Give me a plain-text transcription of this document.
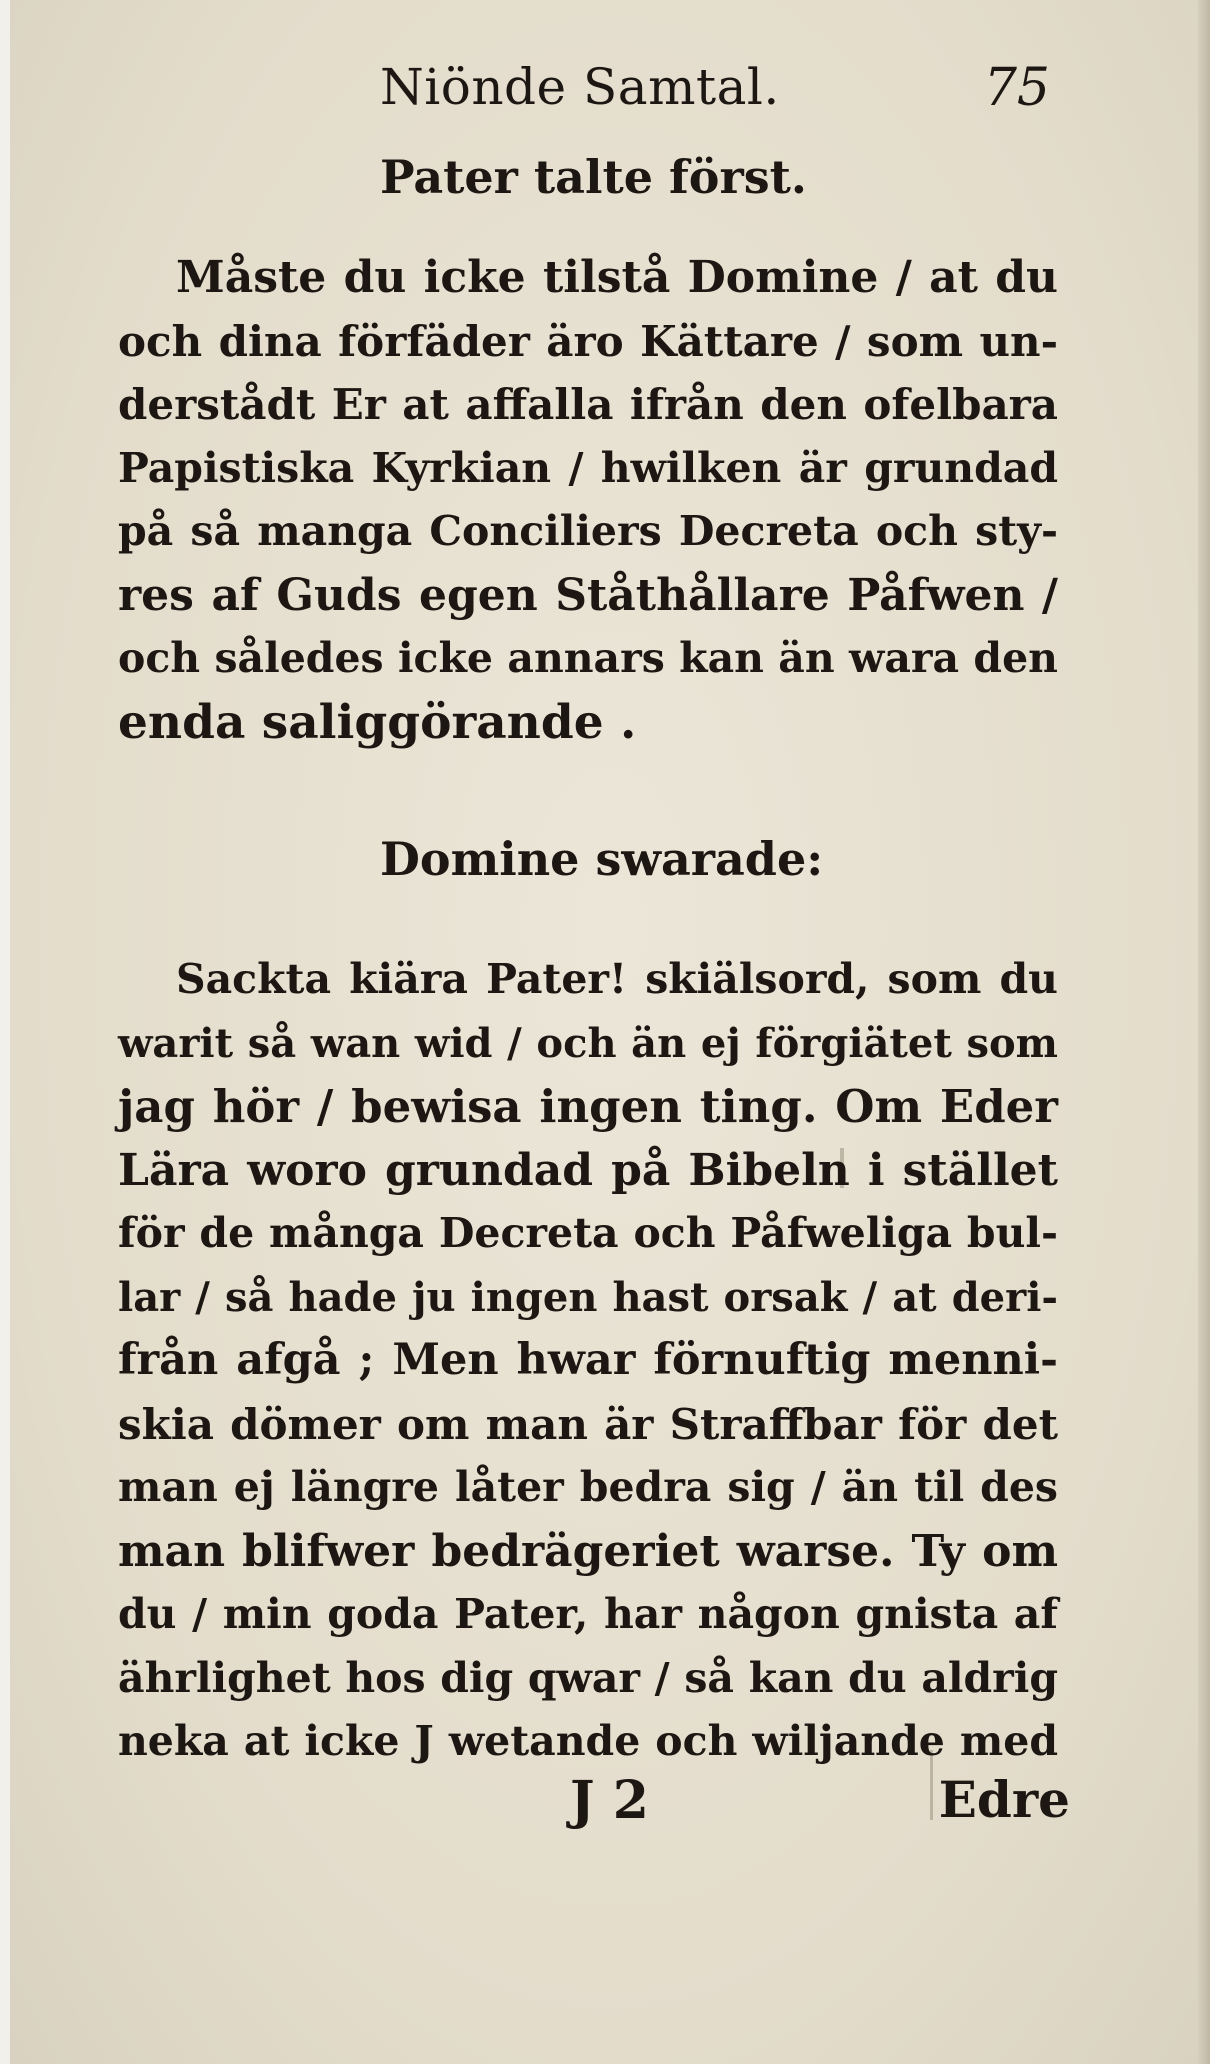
Niönde Samtal.	75
Pater talte först.
Måste du icke tilstå Domine / at du
och dina förfäder äro Kättare / som un-
derstådt Er at affalla ifrån den ofelbara
Papistiska Kyrkian / hwilken är grundad
på så manga Conciliers Decreta och sty-
res af Guds egen Ståthållare Påfwen /
och således icke annars kan än wara den
enda saliggörande .
Domine swarade:
Sackta kiära Pater! skiälsord, som du
warit så wan wid / och än ej förgiätet som
jag hör / bewisa ingen ting. Om Eder
Lära woro grundad på Bibeln i stället
för de många Decreta och Påfweliga bul-
lar / så hade ju ingen hast orsak / at deri-
från afgå ; Men hwar förnuftig menni-
skia dömer om man är Straffbar för det
man ej längre låter bedra sig / än til des
man blifwer bedrägeriet warse. Ty om
du / min goda Pater, har någon gnista af
ährlighet hos dig qwar / så kan du aldrig
neka at icke J wetande och wiljande med
J 2	Edre
